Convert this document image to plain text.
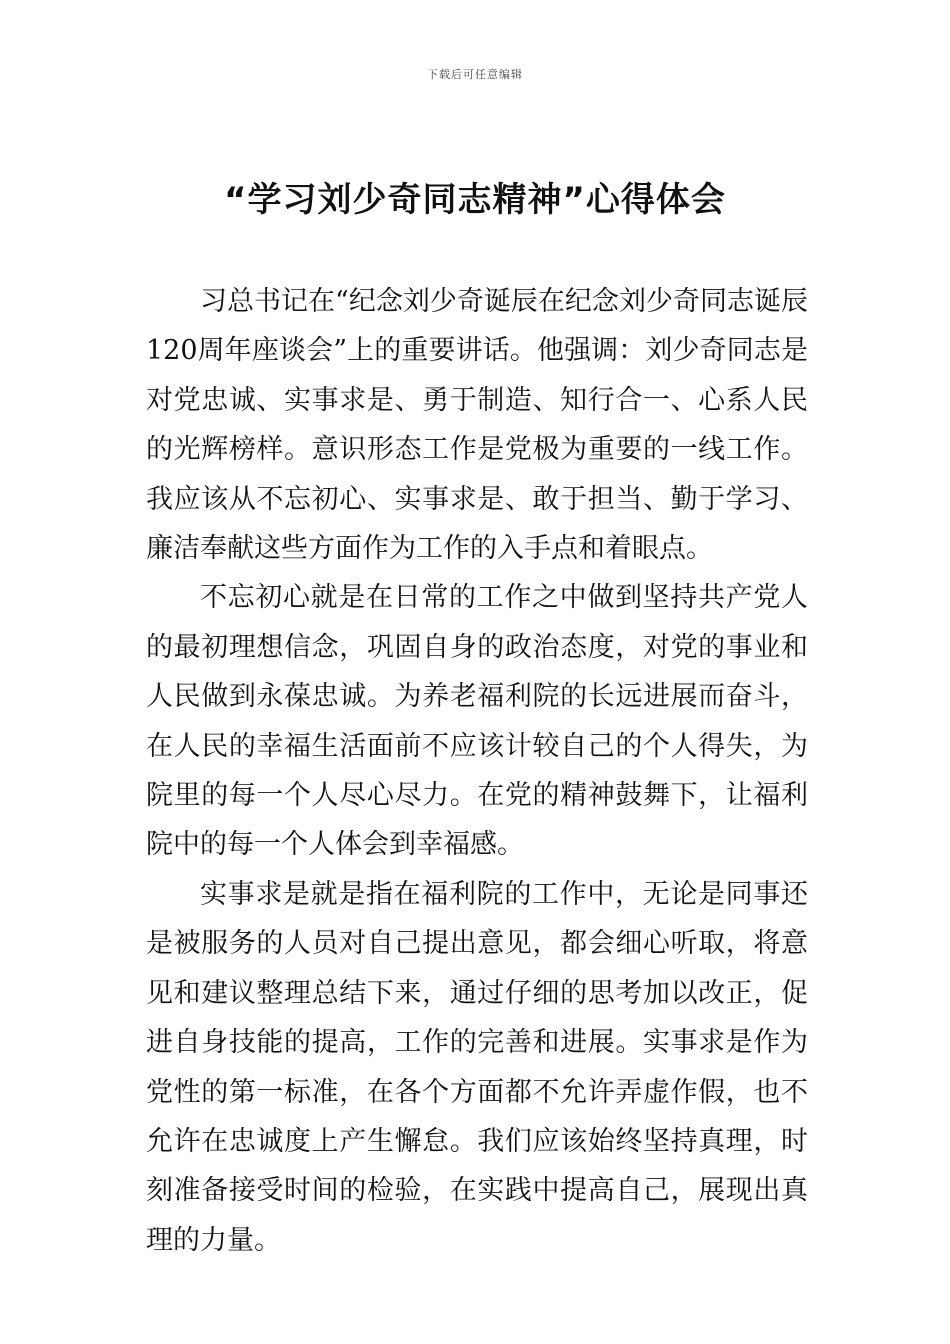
下载后可任意编辑
“学习刘少奇同志精神”心得体会

习总书记在“纪念刘少奇诞辰在纪念刘少奇同志诞辰120周年座谈会”上的重要讲话。他强调：刘少奇同志是对党忠诚、实事求是、勇于制造、知行合一、心系人民的光辉榜样。意识形态工作是党极为重要的一线工作。我应该从不忘初心、实事求是、敢于担当、勤于学习、廉洁奉献这些方面作为工作的入手点和着眼点。

不忘初心就是在日常的工作之中做到坚持共产党人的最初理想信念，巩固自身的政治态度，对党的事业和人民做到永葆忠诚。为养老福利院的长远进展而奋斗，在人民的幸福生活面前不应该计较自己的个人得失，为院里的每一个人尽心尽力。在党的精神鼓舞下，让福利院中的每一个人体会到幸福感。

实事求是就是指在福利院的工作中，无论是同事还是被服务的人员对自己提出意见，都会细心听取，将意见和建议整理总结下来，通过仔细的思考加以改正，促进自身技能的提高，工作的完善和进展。实事求是作为党性的第一标准，在各个方面都不允许弄虚作假，也不允许在忠诚度上产生懈怠。我们应该始终坚持真理，时刻准备接受时间的检验，在实践中提高自己，展现出真理的力量。
